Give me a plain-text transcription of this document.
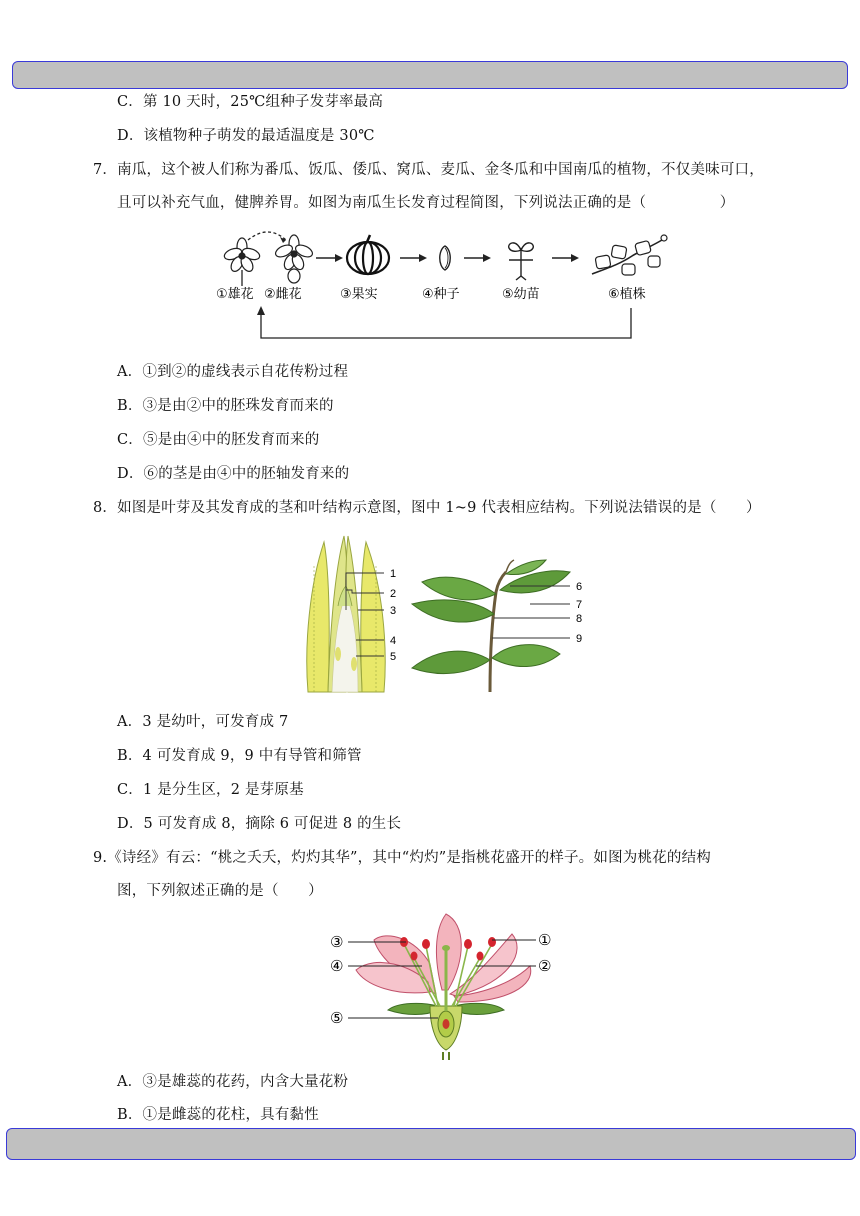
C．第 10 天时，25℃组种子发芽率最高
D．该植物种子萌发的最适温度是 30℃
7．南瓜，这个被人们称为番瓜、饭瓜、倭瓜、窝瓜、麦瓜、金冬瓜和中国南瓜的植物，不仅美味可口，
且可以补充气血，健脾养胃。如图为南瓜生长发育过程简图，下列说法正确的是（　　　　　）
①雄花 ②雌花	③果实	④种子	⑤幼苗	⑥植株
A．①到②的虚线表示自花传粉过程
B．③是由②中的胚珠发育而来的
C．⑤是由④中的胚发育而来的
D．⑥的茎是由④中的胚轴发育来的
8．如图是叶芽及其发育成的茎和叶结构示意图，图中 1~9 代表相应结构。下列说法错误的是（　　）
1
2
3
4
5
6
7
8
9
A．3 是幼叶，可发育成 7
B．4 可发育成 9，9 中有导管和筛管
C．1 是分生区，2 是芽原基
D．5 可发育成 8，摘除 6 可促进 8 的生长
9.《诗经》有云：“桃之夭夭，灼灼其华”，其中“灼灼”是指桃花盛开的样子。如图为桃花的结构
图，下列叙述正确的是（　　）
③
④
⑤
①
②
A．③是雄蕊的花药，内含大量花粉
B．①是雌蕊的花柱，具有黏性
